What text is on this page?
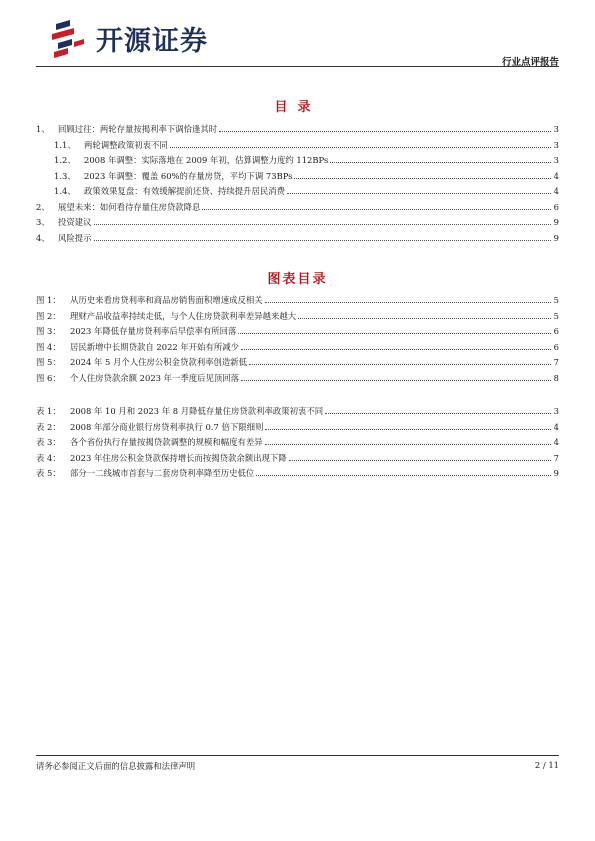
开源证券
行业点评报告
目录
1、 回顾过往：两轮存量按揭利率下调恰逢其时	3
1.1、 两轮调整政策初衷不同	3
1.2、 2008 年调整：实际落地在 2009 年初，估算调整力度约 112BPs	3
1.3、 2023 年调整：覆盖 60%的存量房贷，平均下调 73BPs	4
1.4、 政策效果复盘：有效缓解提前还贷、持续提升居民消费	4
2、 展望未来：如何看待存量住房贷款降息	6
3、 投资建议	9
4、 风险提示	9
图表目录
图 1：	从历史来看房贷利率和商品房销售面积增速成反相关	5
图 2：	理财产品收益率持续走低，与个人住房贷款利率差异越来越大	5
图 3：	2023 年降低存量房贷利率后早偿率有所回落	6
图 4：	居民新增中长期贷款自 2022 年开始有所减少	6
图 5：	2024 年 5 月个人住房公积金贷款利率创造新低	7
图 6：	个人住房贷款余额 2023 年一季度后见顶回落	8
表 1：	2008 年 10 月和 2023 年 8 月降低存量住房贷款利率政策初衷不同	3
表 2：	2008 年部分商业银行房贷利率执行 0.7 倍下限细则	4
表 3：	各个省份执行存量按揭贷款调整的规模和幅度有差异	4
表 4：	2023 年住房公积金贷款保持增长而按揭贷款余额出现下降	7
表 5：	部分一二线城市首套与二套房贷利率降至历史低位	9
请务必参阅正文后面的信息披露和法律声明	2 / 11
